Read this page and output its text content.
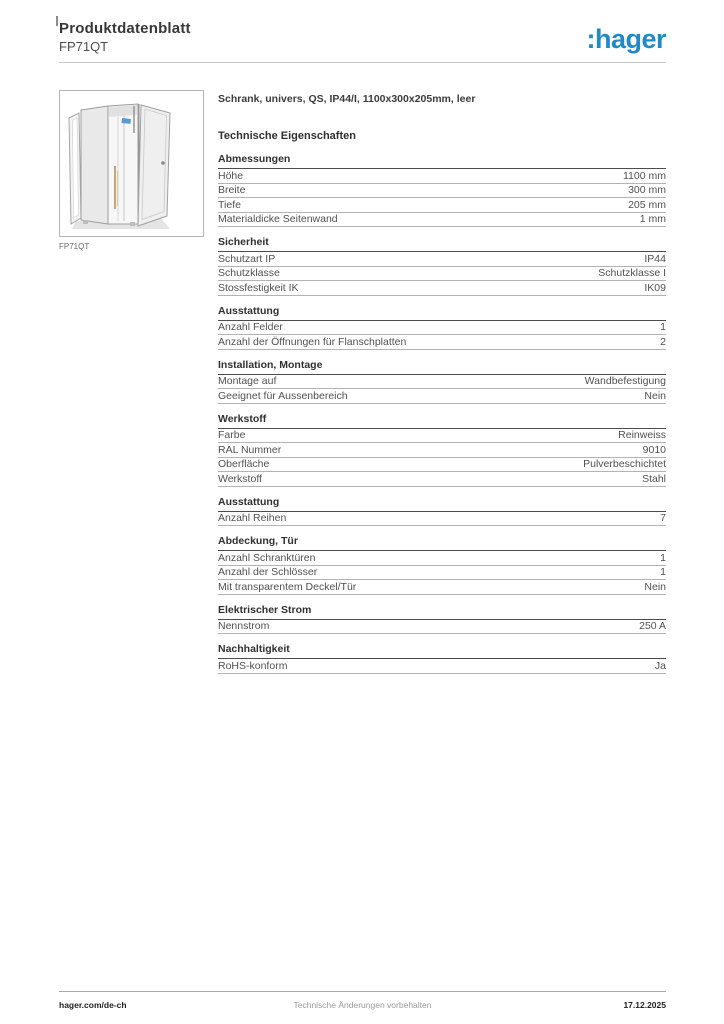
Produktdatenblatt
FP71QT	:hager
FP71QT
Schrank, univers, QS, IP44/I, 1100x300x205mm, leer
Technische Eigenschaften
Abmessungen
Höhe	1100 mm
Breite	300 mm
Tiefe	205 mm
Materialdicke Seitenwand	1 mm
Sicherheit
Schutzart IP	IP44
Schutzklasse	Schutzklasse I
Stossfestigkeit IK	IK09
Ausstattung
Anzahl Felder	1
Anzahl der Öffnungen für Flanschplatten	2
Installation, Montage
Montage auf	Wandbefestigung
Geeignet für Aussenbereich	Nein
Werkstoff
Farbe	Reinweiss
RAL Nummer	9010
Oberfläche	Pulverbeschichtet
Werkstoff	Stahl
Ausstattung
Anzahl Reihen	7
Abdeckung, Tür
Anzahl Schranktüren	1
Anzahl der Schlösser	1
Mit transparentem Deckel/Tür	Nein
Elektrischer Strom
Nennstrom	250 A
Nachhaltigkeit
RoHS-konform	Ja
hager.com/de-ch	Technische Änderungen vorbehalten	17.12.2025
